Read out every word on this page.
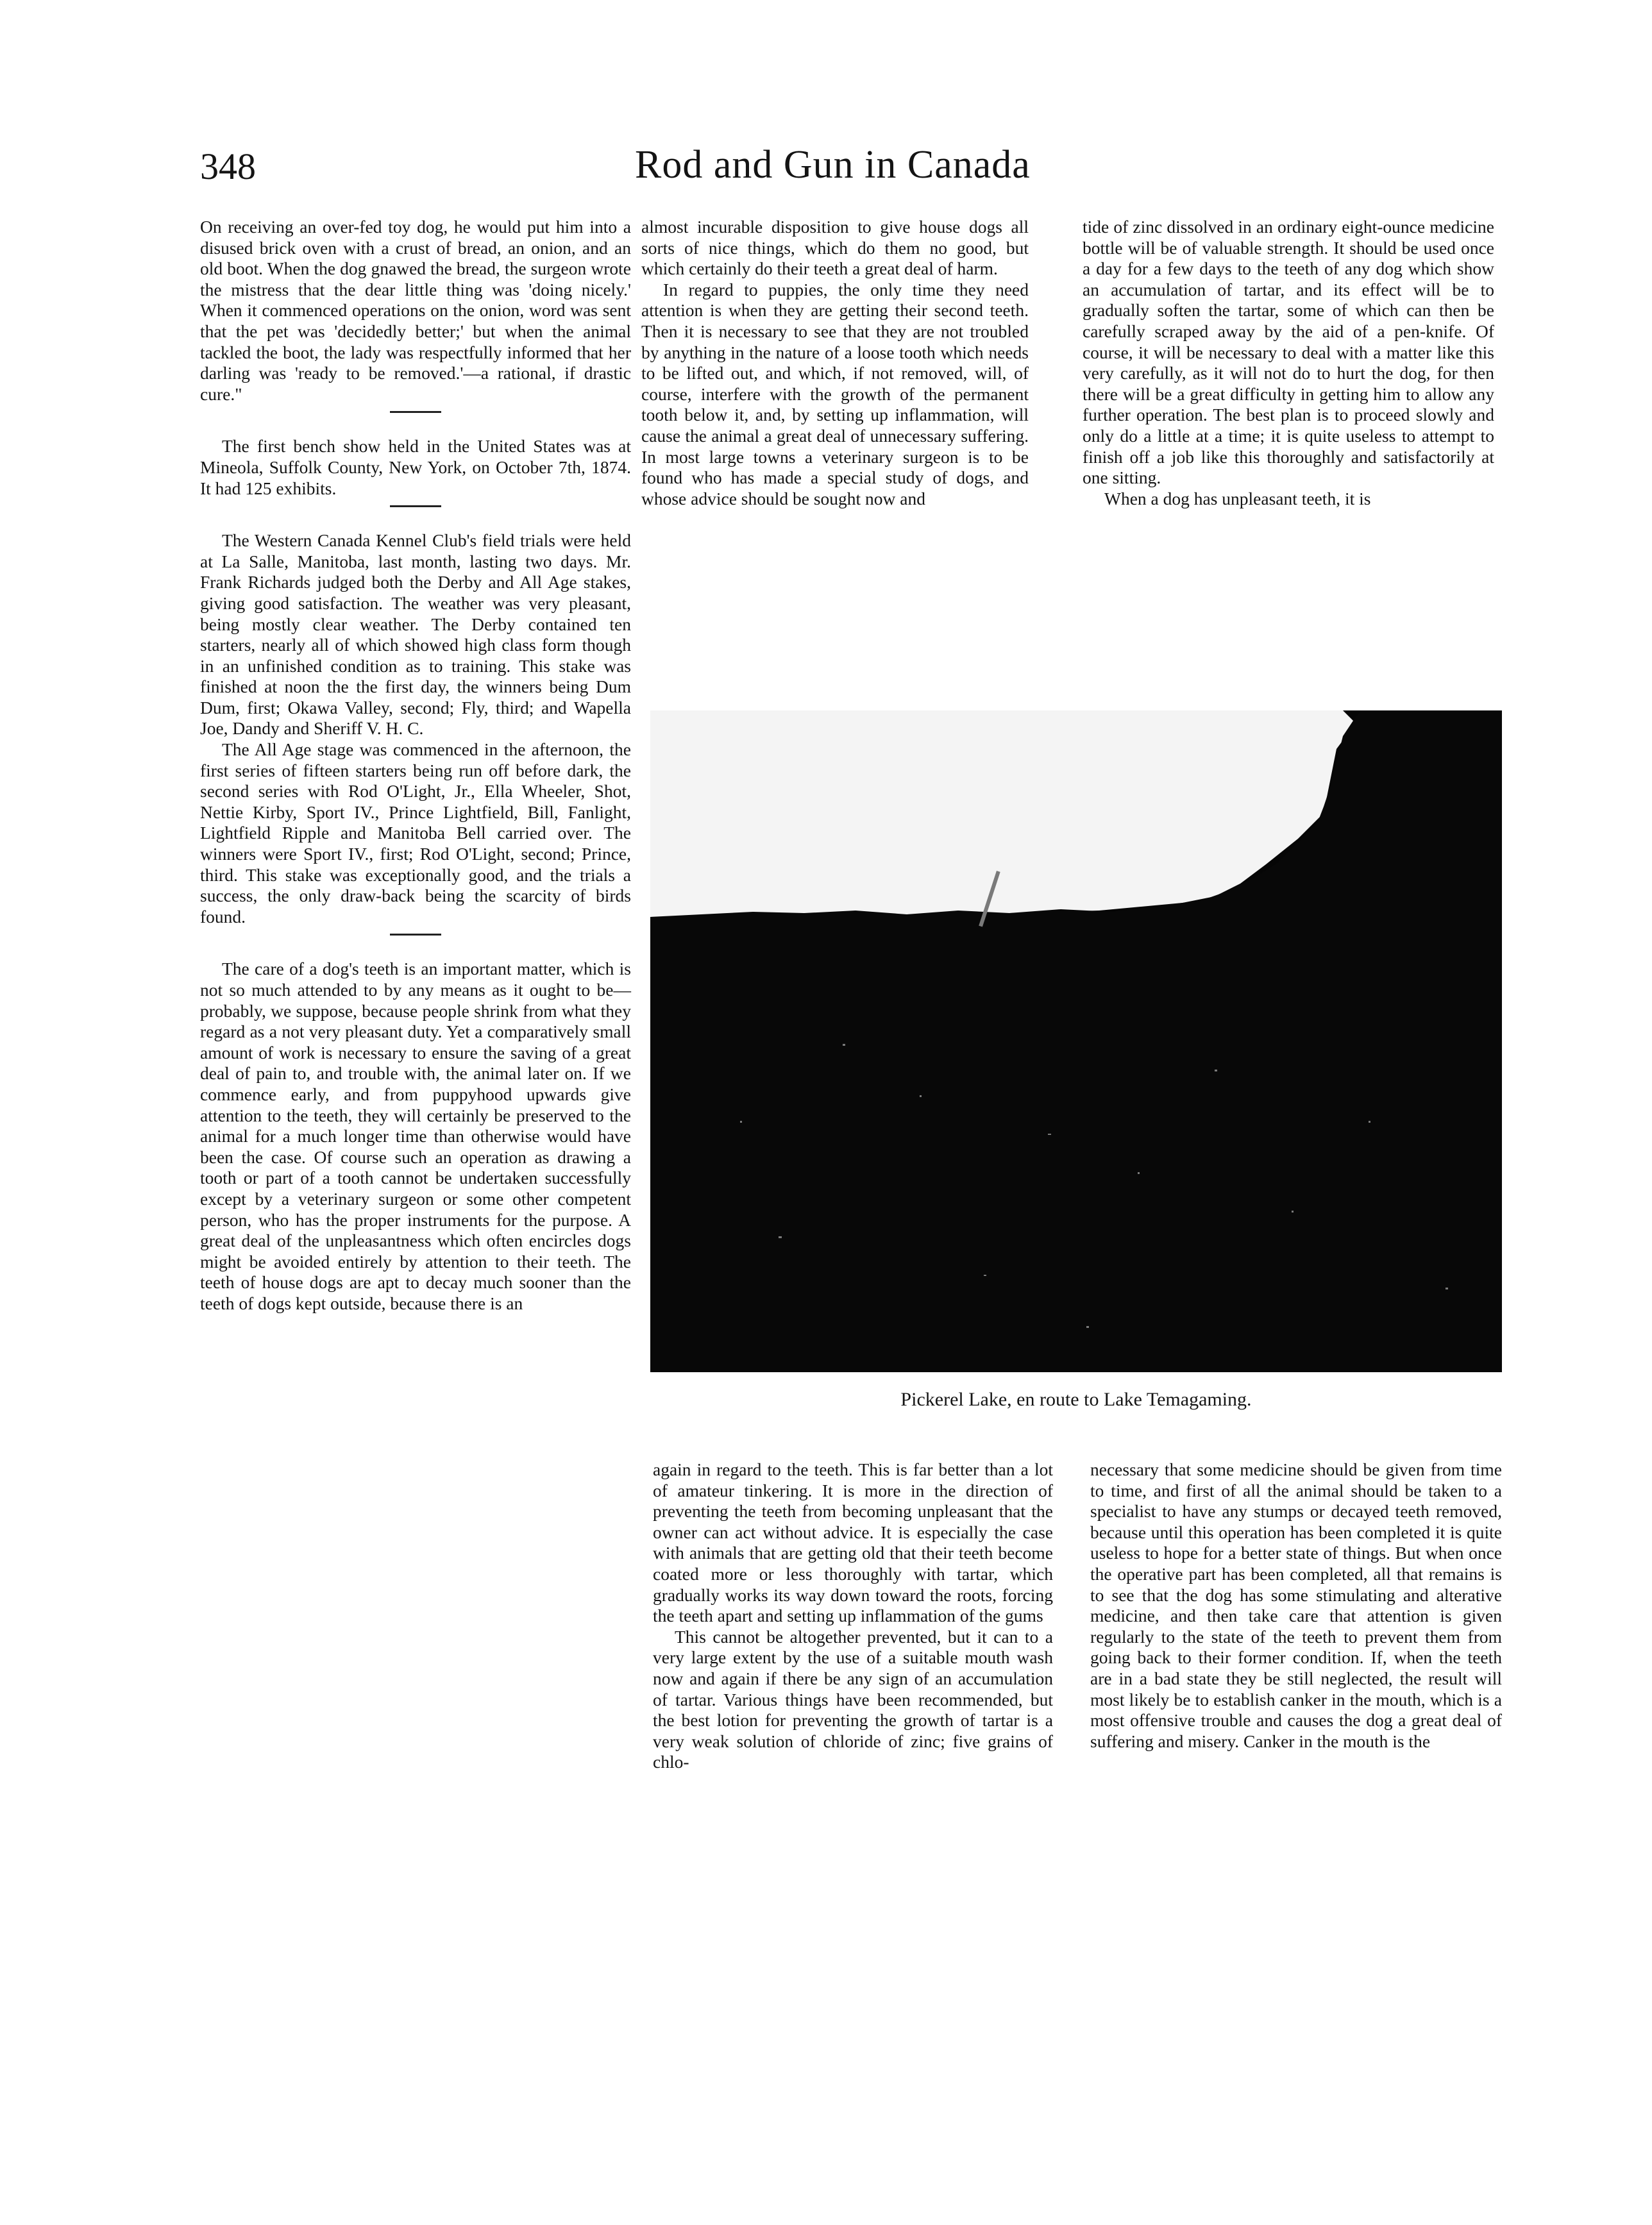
348	Rod and Gun in Canada

On receiving an over-fed toy dog, he would put him into a disused brick oven with a crust of bread, an onion, and an old boot. When the dog gnawed the bread, the surgeon wrote the mistress that the dear little thing was 'doing nicely.' When it commenced operations on the onion, word was sent that the pet was 'decidedly better;' but when the animal tackled the boot, the lady was respectfully informed that her darling was 'ready to be removed.'—a rational, if drastic cure."

The first bench show held in the United States was at Mineola, Suffolk County, New York, on October 7th, 1874. It had 125 exhibits.

The Western Canada Kennel Club's field trials were held at La Salle, Manitoba, last month, lasting two days. Mr. Frank Richards judged both the Derby and All Age stakes, giving good satisfaction. The weather was very pleasant, being mostly clear weather. The Derby contained ten starters, nearly all of which showed high class form though in an unfinished condition as to training. This stake was finished at noon the the first day, the winners being Dum Dum, first; Okawa Valley, second; Fly, third; and Wapella Joe, Dandy and Sheriff V. H. C.

The All Age stage was commenced in the afternoon, the first series of fifteen starters being run off before dark, the second series with Rod O'Light, Jr., Ella Wheeler, Shot, Nettie Kirby, Sport IV., Prince Lightfield, Bill, Fanlight, Lightfield Ripple and Manitoba Bell carried over. The winners were Sport IV., first; Rod O'Light, second; Prince, third. This stake was exceptionally good, and the trials a success, the only draw-back being the scarcity of birds found.

The care of a dog's teeth is an important matter, which is not so much attended to by any means as it ought to be—probably, we suppose, because people shrink from what they regard as a not very pleasant duty. Yet a comparatively small amount of work is necessary to ensure the saving of a great deal of pain to, and trouble with, the animal later on. If we commence early, and from puppyhood upwards give attention to the teeth, they will certainly be preserved to the animal for a much longer time than otherwise would have been the case. Of course such an operation as drawing a tooth or part of a tooth cannot be undertaken successfully except by a veterinary surgeon or some other competent person, who has the proper instruments for the purpose. A great deal of the unpleasantness which often encircles dogs might be avoided entirely by attention to their teeth. The teeth of house dogs are apt to decay much sooner than the teeth of dogs kept outside, because there is an

almost incurable disposition to give house dogs all sorts of nice things, which do them no good, but which certainly do their teeth a great deal of harm.

In regard to puppies, the only time they need attention is when they are getting their second teeth. Then it is necessary to see that they are not troubled by anything in the nature of a loose tooth which needs to be lifted out, and which, if not removed, will, of course, interfere with the growth of the permanent tooth below it, and, by setting up inflammation, will cause the animal a great deal of unnecessary suffering. In most large towns a veterinary surgeon is to be found who has made a special study of dogs, and whose advice should be sought now and

tide of zinc dissolved in an ordinary eight-ounce medicine bottle will be of valuable strength. It should be used once a day for a few days to the teeth of any dog which show an accumulation of tartar, and its effect will be to gradually soften the tartar, some of which can then be carefully scraped away by the aid of a pen-knife. Of course, it will be necessary to deal with a matter like this very carefully, as it will not do to hurt the dog, for then there will be a great difficulty in getting him to allow any further operation. The best plan is to proceed slowly and only do a little at a time; it is quite useless to attempt to finish off a job like this thoroughly and satisfactorily at one sitting.

When a dog has unpleasant teeth, it is

Pickerel Lake, en route to Lake Temagaming.

again in regard to the teeth. This is far better than a lot of amateur tinkering. It is more in the direction of preventing the teeth from becoming unpleasant that the owner can act without advice. It is especially the case with animals that are getting old that their teeth become coated more or less thoroughly with tartar, which gradually works its way down toward the roots, forcing the teeth apart and setting up inflammation of the gums

This cannot be altogether prevented, but it can to a very large extent by the use of a suitable mouth wash now and again if there be any sign of an accumulation of tartar. Various things have been recommended, but the best lotion for preventing the growth of tartar is a very weak solution of chloride of zinc; five grains of chlo-

necessary that some medicine should be given from time to time, and first of all the animal should be taken to a specialist to have any stumps or decayed teeth removed, because until this operation has been completed it is quite useless to hope for a better state of things. But when once the operative part has been completed, all that remains is to see that the dog has some stimulating and alterative medicine, and then take care that attention is given regularly to the state of the teeth to prevent them from going back to their former condition. If, when the teeth are in a bad state they be still neglected, the result will most likely be to establish canker in the mouth, which is a most offensive trouble and causes the dog a great deal of suffering and misery. Canker in the mouth is the
